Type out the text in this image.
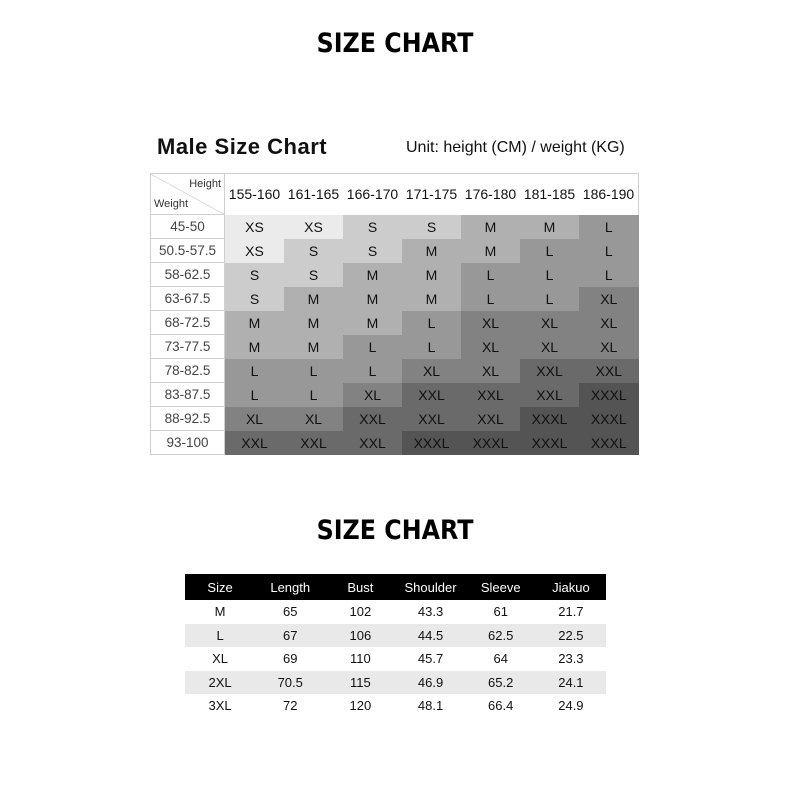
SIZE CHART
Male Size Chart	Unit: height (CM) / weight (KG)
Height
Weight	155-160	161-165	166-170	171-175	176-180	181-185	186-190
45-50	XS	XS	S	S	M	M	L
50.5-57.5	XS	S	S	M	M	L	L
58-62.5	S	S	M	M	L	L	L
63-67.5	S	M	M	M	L	L	XL
68-72.5	M	M	M	L	XL	XL	XL
73-77.5	M	M	L	L	XL	XL	XL
78-82.5	L	L	L	XL	XL	XXL	XXL
83-87.5	L	L	XL	XXL	XXL	XXL	XXXL
88-92.5	XL	XL	XXL	XXL	XXL	XXXL	XXXL
93-100	XXL	XXL	XXL	XXXL	XXXL	XXXL	XXXL
SIZE CHART
Size	Length	Bust	Shoulder	Sleeve	Jiakuo
M	65	102	43.3	61	21.7
L	67	106	44.5	62.5	22.5
XL	69	110	45.7	64	23.3
2XL	70.5	115	46.9	65.2	24.1
3XL	72	120	48.1	66.4	24.9
